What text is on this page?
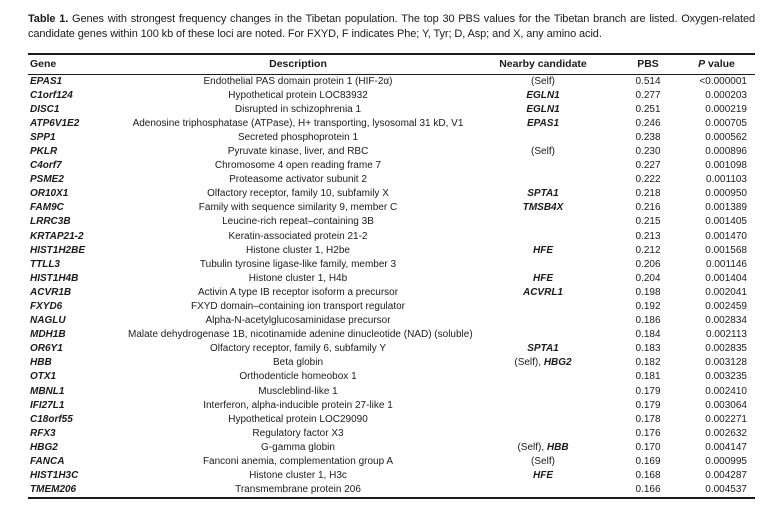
Table 1. Genes with strongest frequency changes in the Tibetan population. The top 30 PBS values for the Tibetan branch are listed. Oxygen-related
candidate genes within 100 kb of these loci are noted. For FXYD, F indicates Phe; Y, Tyr; D, Asp; and X, any amino acid.
Gene	Description	Nearby candidate	PBS	P value
EPAS1	Endothelial PAS domain protein 1 (HIF-2α)	(Self)	0.514	<0.000001
C1orf124	Hypothetical protein LOC83932	EGLN1	0.277	0.000203
DISC1	Disrupted in schizophrenia 1	EGLN1	0.251	0.000219
ATP6V1E2	Adenosine triphosphatase (ATPase), H+ transporting, lysosomal 31 kD, V1	EPAS1	0.246	0.000705
SPP1	Secreted phosphoprotein 1		0.238	0.000562
PKLR	Pyruvate kinase, liver, and RBC	(Self)	0.230	0.000896
C4orf7	Chromosome 4 open reading frame 7		0.227	0.001098
PSME2	Proteasome activator subunit 2		0.222	0.001103
OR10X1	Olfactory receptor, family 10, subfamily X	SPTA1	0.218	0.000950
FAM9C	Family with sequence similarity 9, member C	TMSB4X	0.216	0.001389
LRRC3B	Leucine-rich repeat–containing 3B		0.215	0.001405
KRTAP21-2	Keratin-associated protein 21-2		0.213	0.001470
HIST1H2BE	Histone cluster 1, H2be	HFE	0.212	0.001568
TTLL3	Tubulin tyrosine ligase-like family, member 3		0.206	0.001146
HIST1H4B	Histone cluster 1, H4b	HFE	0.204	0.001404
ACVR1B	Activin A type IB receptor isoform a precursor	ACVRL1	0.198	0.002041
FXYD6	FXYD domain–containing ion transport regulator		0.192	0.002459
NAGLU	Alpha-N-acetylglucosaminidase precursor		0.186	0.002834
MDH1B	Malate dehydrogenase 1B, nicotinamide adenine dinucleotide (NAD) (soluble)		0.184	0.002113
OR6Y1	Olfactory receptor, family 6, subfamily Y	SPTA1	0.183	0.002835
HBB	Beta globin	(Self), HBG2	0.182	0.003128
OTX1	Orthodenticle homeobox 1		0.181	0.003235
MBNL1	Muscleblind-like 1		0.179	0.002410
IFI27L1	Interferon, alpha-inducible protein 27-like 1		0.179	0.003064
C18orf55	Hypothetical protein LOC29090		0.178	0.002271
RFX3	Regulatory factor X3		0.176	0.002632
HBG2	G-gamma globin	(Self), HBB	0.170	0.004147
FANCA	Fanconi anemia, complementation group A	(Self)	0.169	0.000995
HIST1H3C	Histone cluster 1, H3c	HFE	0.168	0.004287
TMEM206	Transmembrane protein 206		0.166	0.004537
